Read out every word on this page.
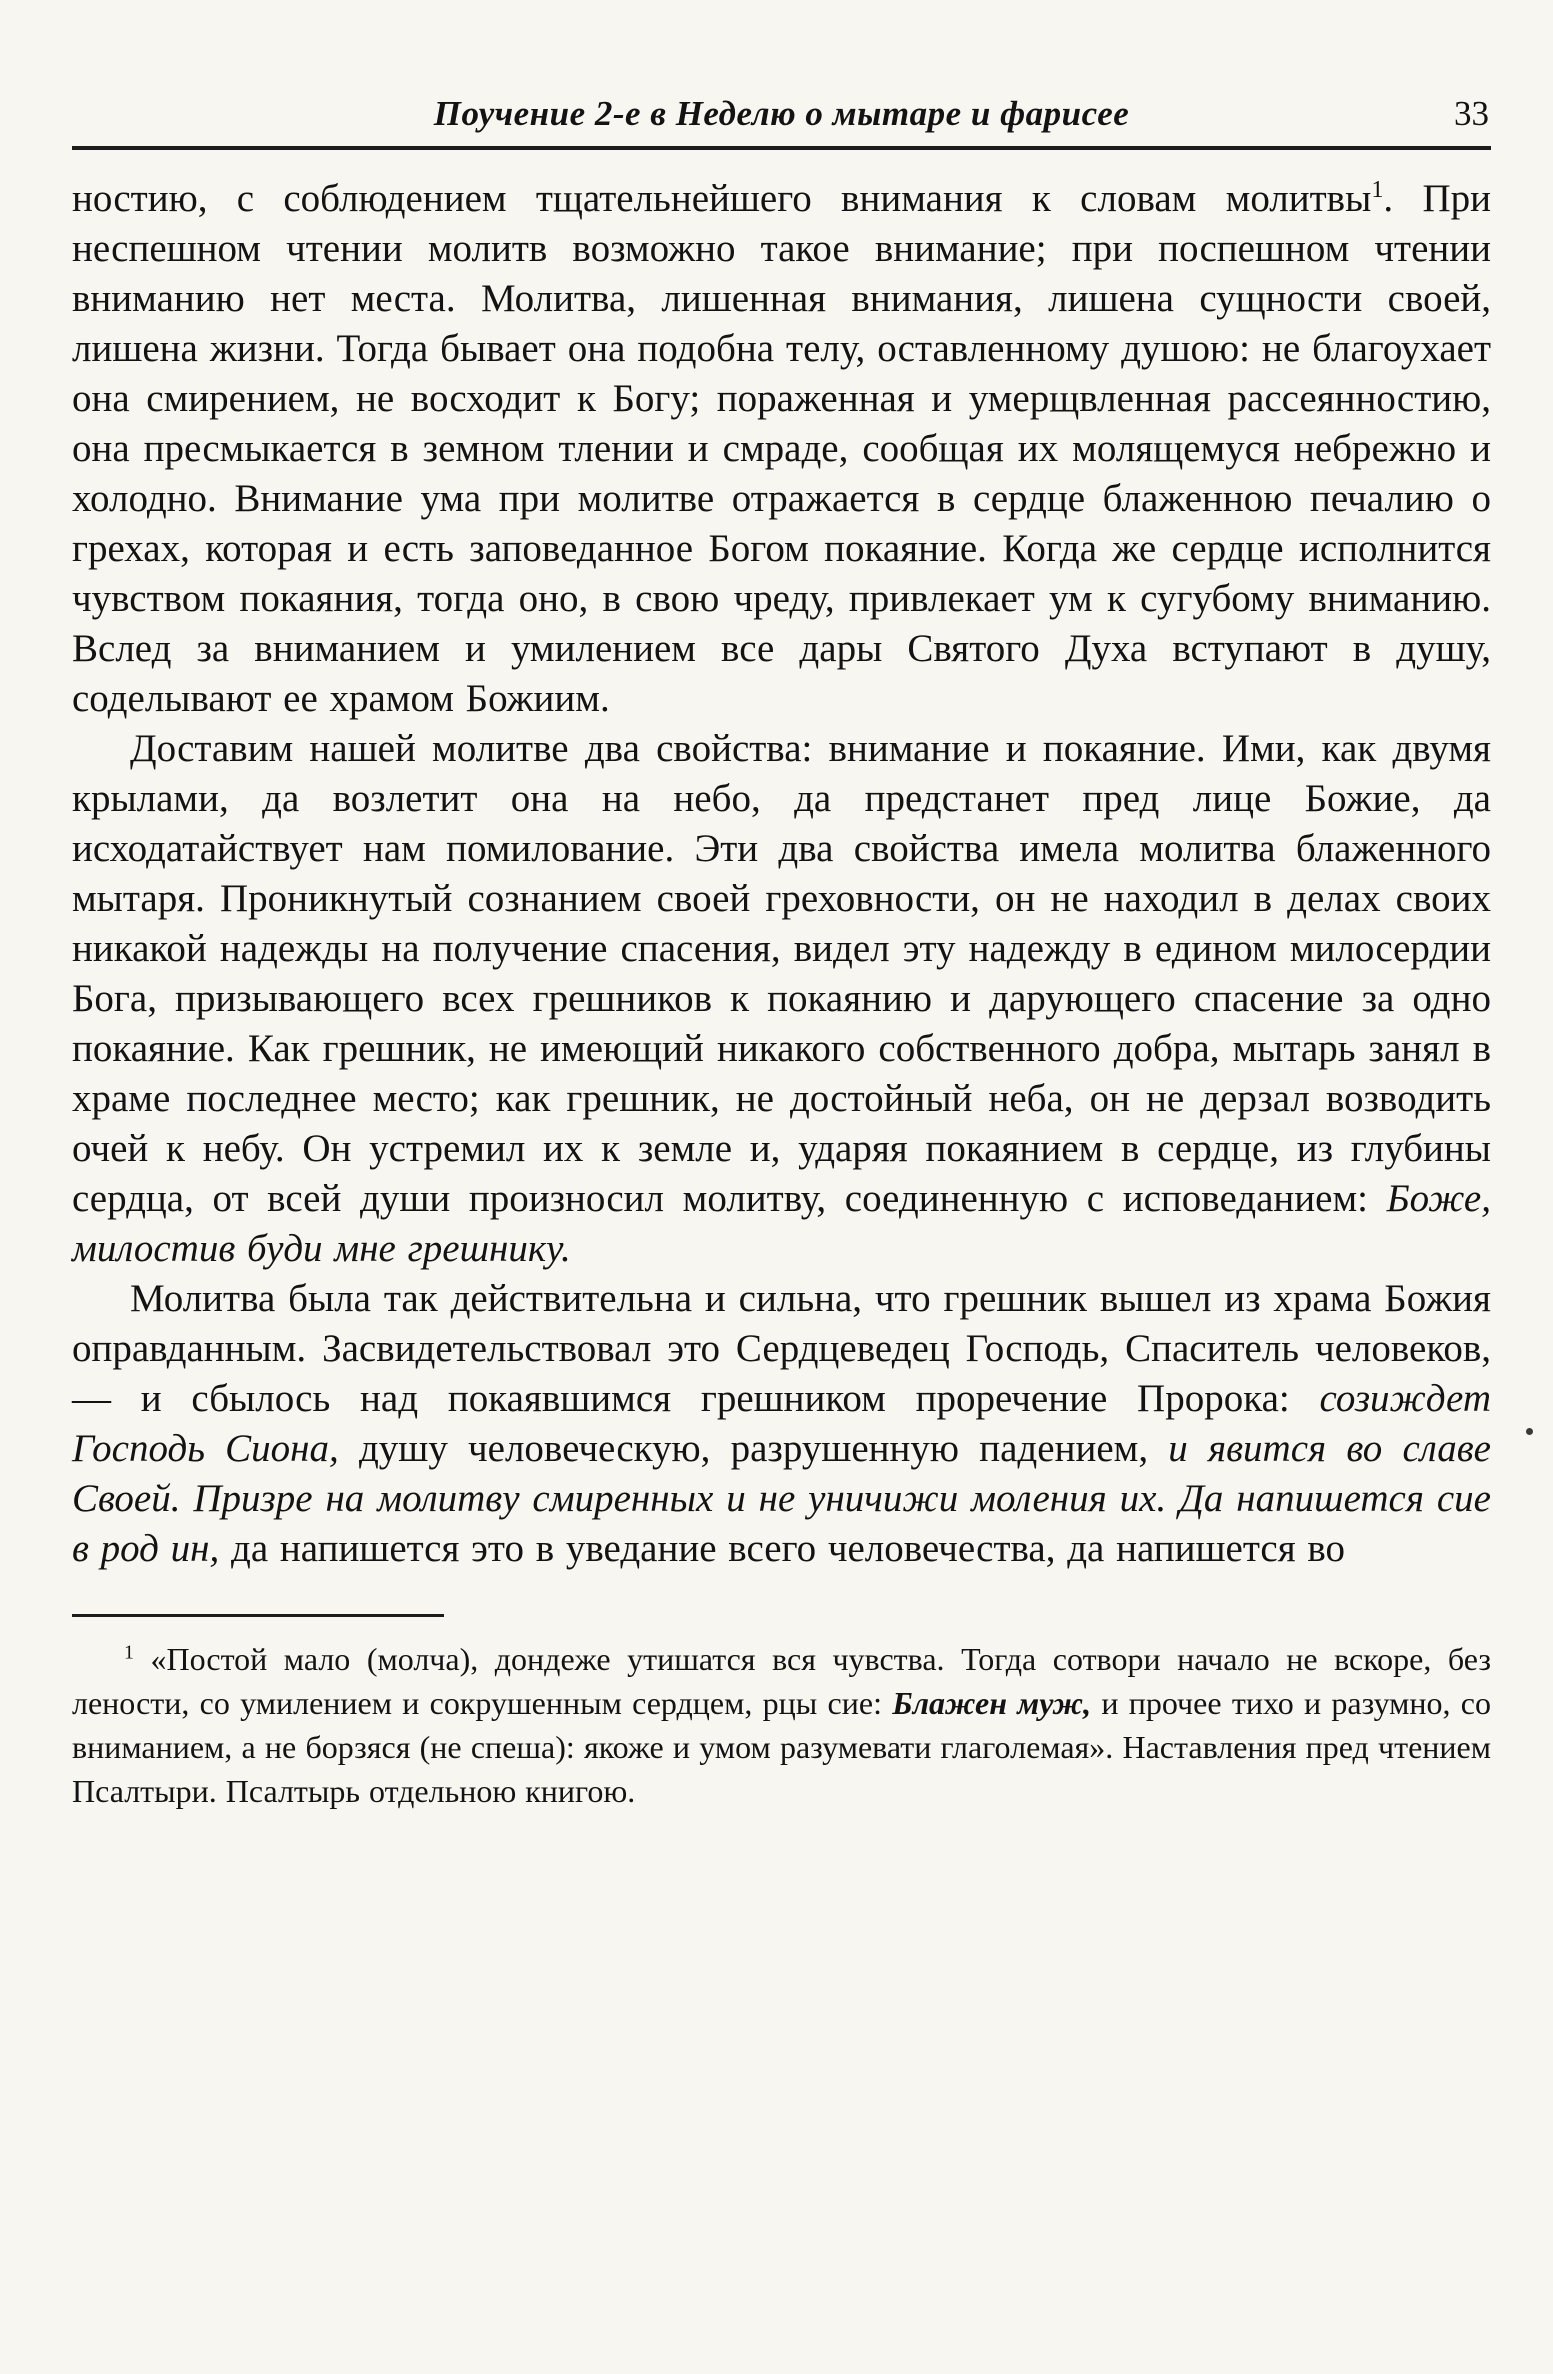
Поучение 2-е в Неделю о мытаре и фарисее	33

ностию, с соблюдением тщательнейшего внимания к словам молитвы$^1$. При неспешном чтении молитв возможно такое внимание; при поспешном чтении вниманию нет места. Молитва, лишенная внимания, лишена сущности своей, лишена жизни. Тогда бывает она подобна телу, оставленному душою: не благоухает она смирением, не восходит к Богу; пораженная и умерщвленная рассеянностию, она пресмыкается в земном тлении и смраде, сообщая их молящемуся небрежно и холодно. Внимание ума при молитве отражается в сердце блаженною печалию о грехах, которая и есть заповеданное Богом покаяние. Когда же сердце исполнится чувством покаяния, тогда оно, в свою чреду, привлекает ум к сугубому вниманию. Вслед за вниманием и умилением все дары Святого Духа вступают в душу, соделывают ее храмом Божиим.

Доставим нашей молитве два свойства: внимание и покаяние. Ими, как двумя крылами, да возлетит она на небо, да предстанет пред лице Божие, да исходатайствует нам помилование. Эти два свойства имела молитва блаженного мытаря. Проникнутый сознанием своей греховности, он не находил в делах своих никакой надежды на получение спасения, видел эту надежду в едином милосердии Бога, призывающего всех грешников к покаянию и дарующего спасение за одно покаяние. Как грешник, не имеющий никакого собственного добра, мытарь занял в храме последнее место; как грешник, не достойный неба, он не дерзал возводить очей к небу. Он устремил их к земле и, ударяя покаянием в сердце, из глубины сердца, от всей души произносил молитву, соединенную с исповеданием: Боже, милостив буди мне грешнику.

Молитва была так действительна и сильна, что грешник вышел из храма Божия оправданным. Засвидетельствовал это Сердцеведец Господь, Спаситель человеков, — и сбылось над покаявшимся грешником проречение Пророка: созиждет Господь Сиона, душу человеческую, разрушенную падением, и явится во славе Своей. Призре на молитву смиренных и не уничижи моления их. Да напишется сие в род ин, да напишется это в уведание всего человечества, да напишется во

$^1$ «Постой мало (молча), дондеже утишатся вся чувства. Тогда сотвори начало не вскоре, без лености, со умилением и сокрушенным сердцем, рцы сие: Блажен муж, и прочее тихо и разумно, со вниманием, а не борзяся (не спеша): якоже и умом разумевати глаголемая». Наставления пред чтением Псалтыри. Псалтырь отдельною книгою.
